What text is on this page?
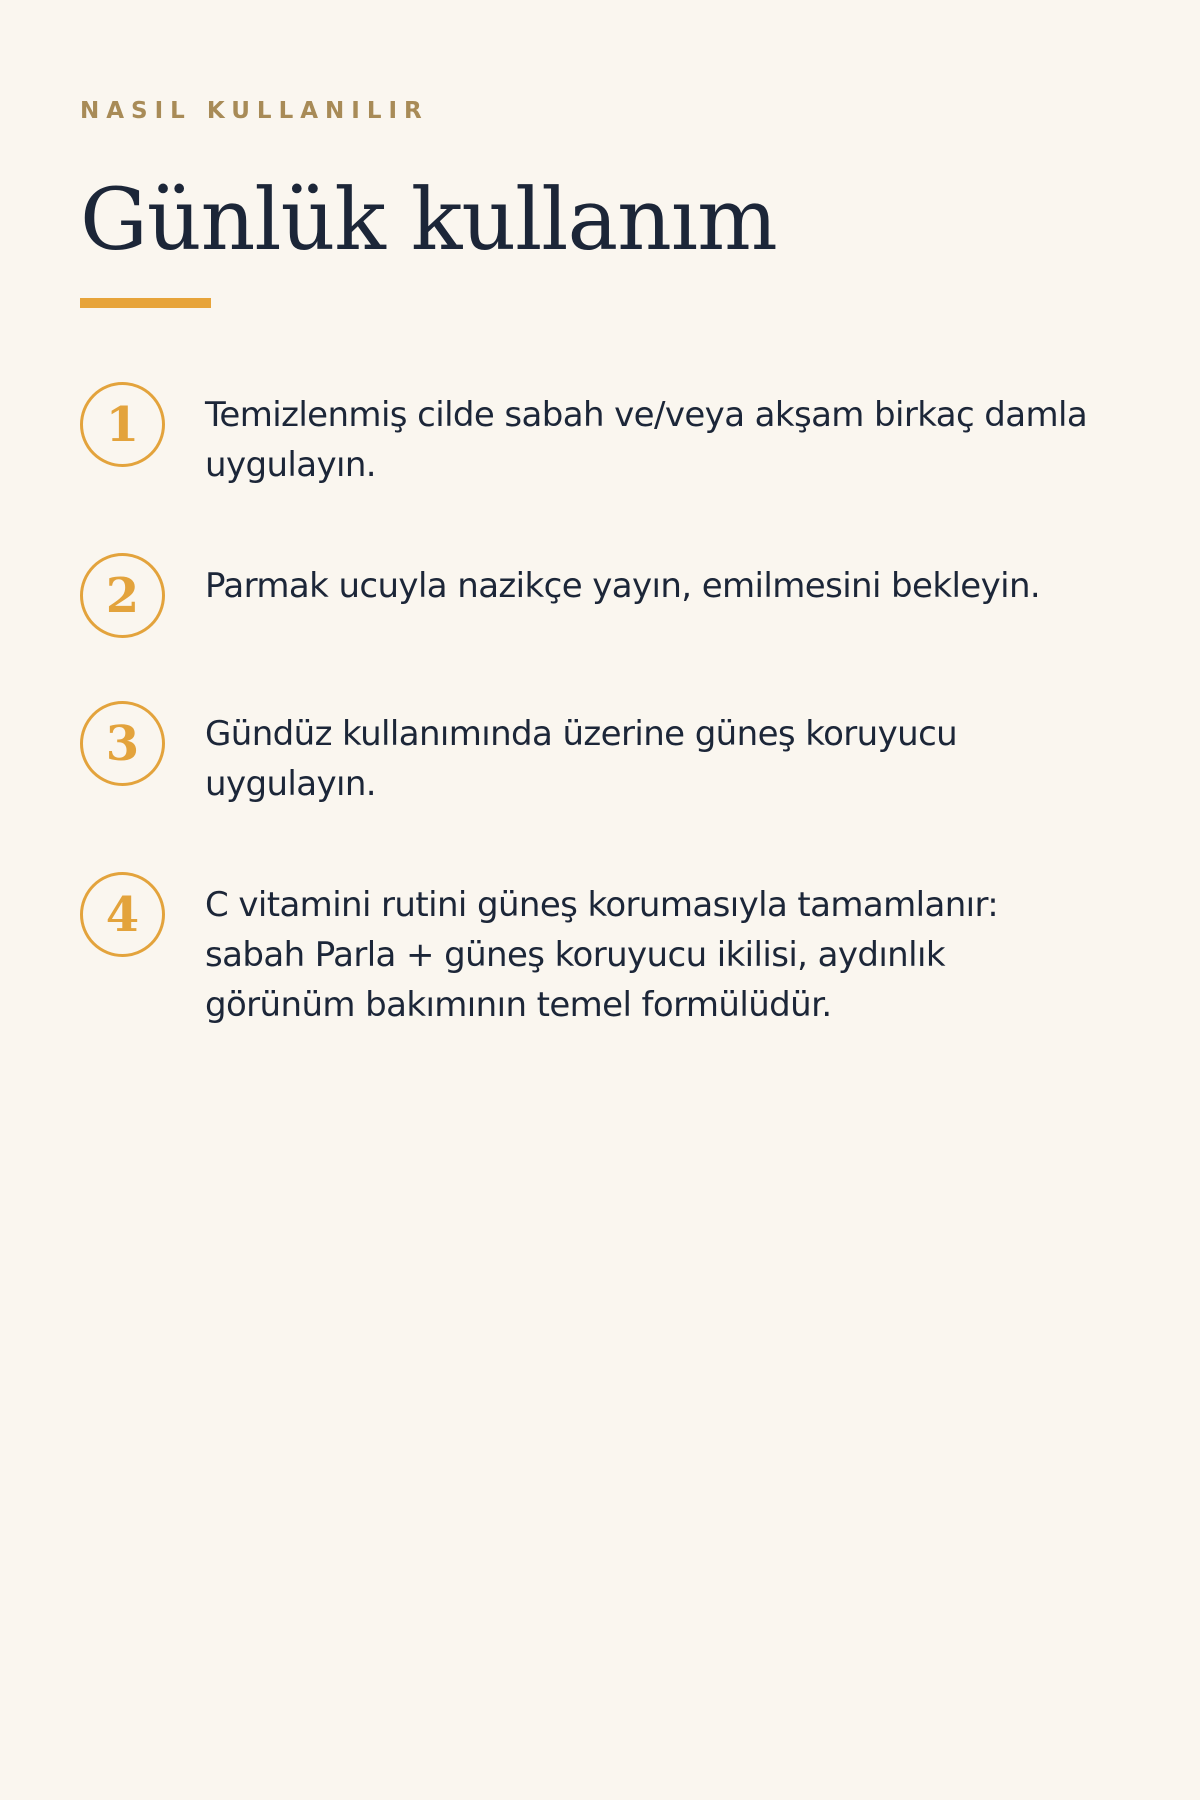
NASIL KULLANILIR

Günlük kullanım
1	Temizlenmiş cilde sabah ve/veya akşam birkaç damla uygulayın.

2	Parmak ucuyla nazikçe yayın, emilmesini bekleyin.

3	Gündüz kullanımında üzerine güneş koruyucu uygulayın.

4	C vitamini rutini güneş korumasıyla tamamlanır: sabah Parla + güneş koruyucu ikilisi, aydınlık görünüm bakımının temel formülüdür.
